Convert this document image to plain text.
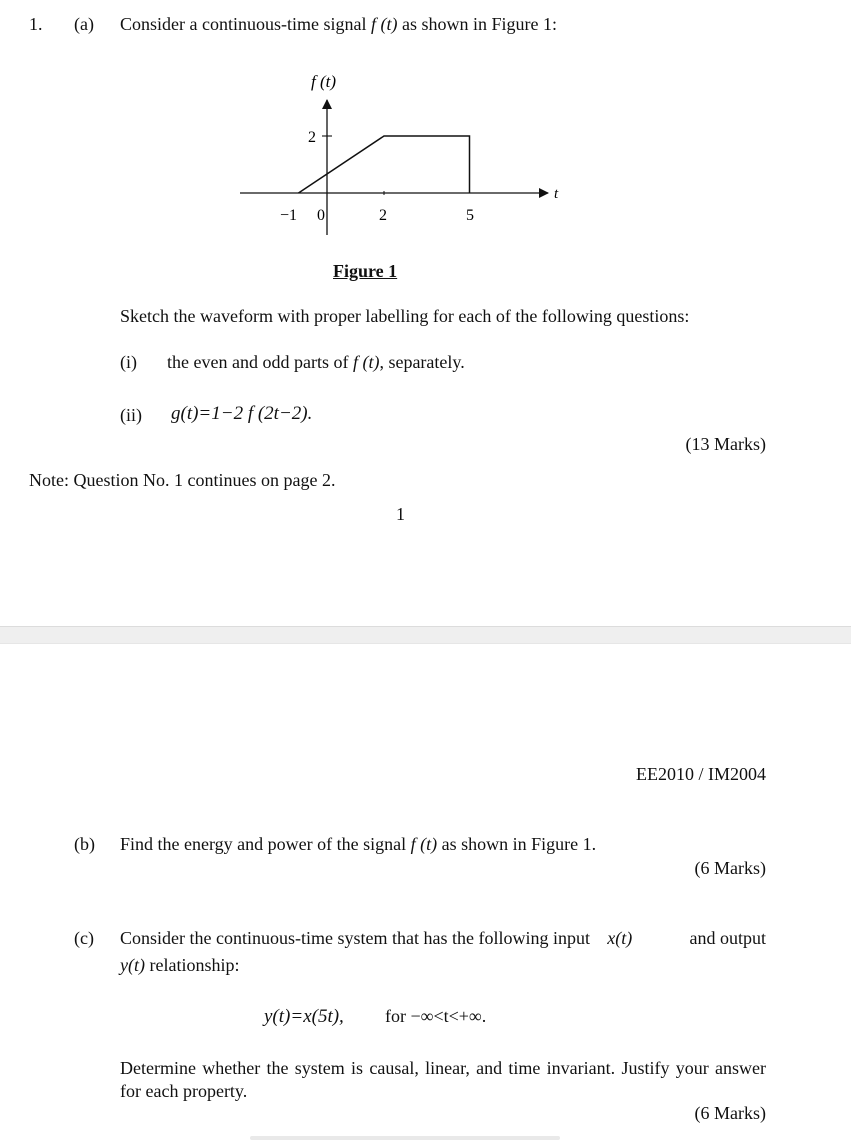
1. (a) Consider a continuous-time signal f (t) as shown in Figure 1:
f (t)
t
2
−1 0	2	5
Figure 1
Sketch the waveform with proper labelling for each of the following questions:
(i) the even and odd parts of f (t), separately.
(ii) g(t)=1−2 f (2t−2).
(13 Marks)
Note: Question No. 1 continues on page 2.
1
EE2010 / IM2004
(b) Find the energy and power of the signal f (t) as shown in Figure 1.
(6 Marks)
(c) Consider the continuous-time system that has the following input x(t)	and output
y(t) relationship:
y(t)=x(5t), for −∞<t<+∞.
Determine whether the system is causal, linear, and time invariant. Justify your answer for each property.
(6 Marks)
